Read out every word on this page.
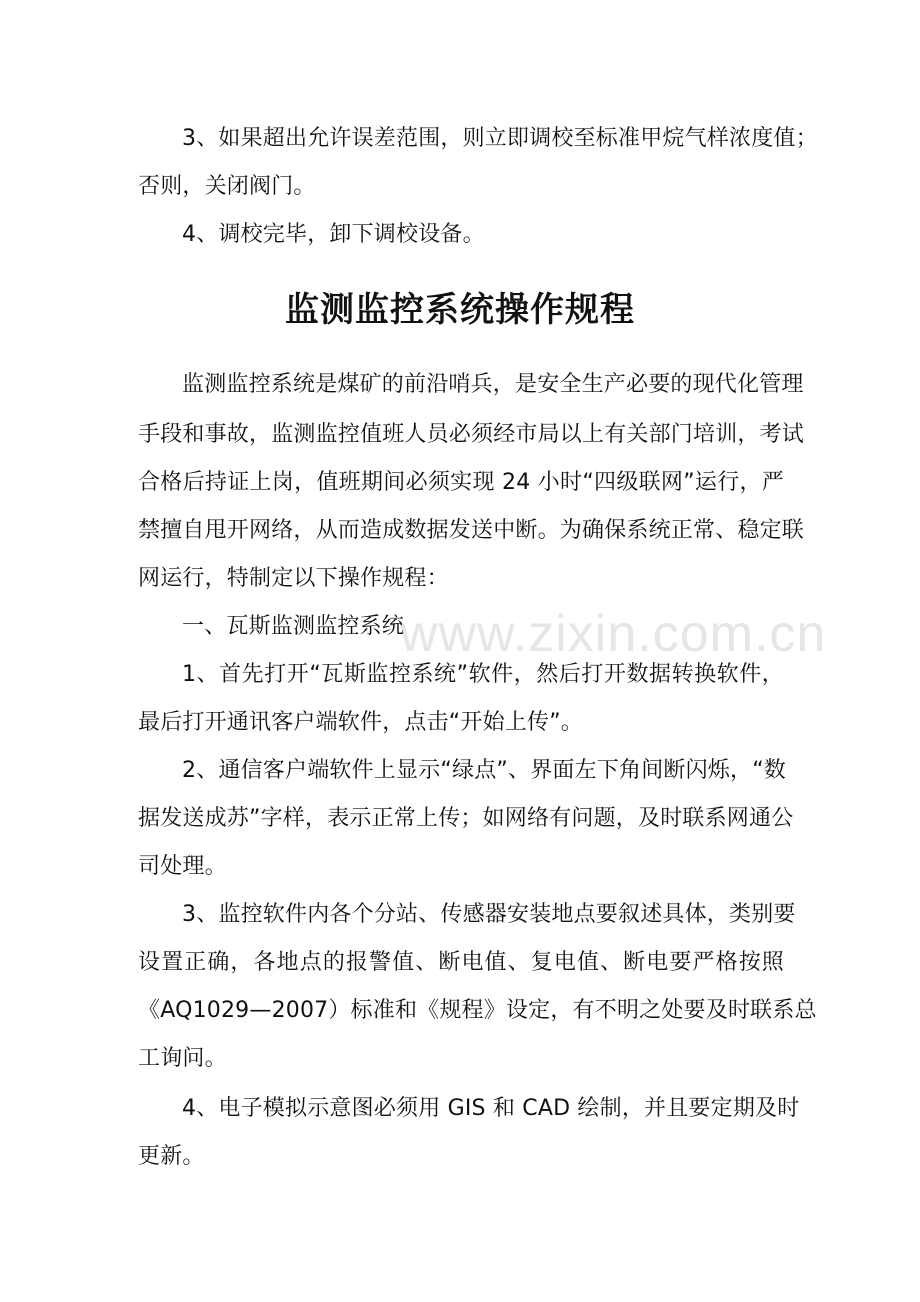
www.zixin.com.cn
3、如果超出允许误差范围，则立即调校至标准甲烷气样浓度值；
否则，关闭阀门。
4、调校完毕，卸下调校设备。
监测监控系统操作规程
监测监控系统是煤矿的前沿哨兵，是安全生产必要的现代化管理
手段和事故，监测监控值班人员必须经市局以上有关部门培训，考试
合格后持证上岗，值班期间必须实现 24 小时“四级联网”运行，严
禁擅自甩开网络，从而造成数据发送中断。为确保系统正常、稳定联
网运行，特制定以下操作规程：
一、瓦斯监测监控系统
1、首先打开“瓦斯监控系统”软件，然后打开数据转换软件，
最后打开通讯客户端软件，点击“开始上传”。
2、通信客户端软件上显示“绿点”、界面左下角间断闪烁，“数
据发送成苏”字样，表示正常上传；如网络有问题，及时联系网通公
司处理。
3、监控软件内各个分站、传感器安装地点要叙述具体，类别要
设置正确，各地点的报警值、断电值、复电值、断电要严格按照
《AQ1029—2007）标准和《规程》设定，有不明之处要及时联系总
工询问。
4、电子模拟示意图必须用 GIS 和 CAD 绘制，并且要定期及时
更新。
